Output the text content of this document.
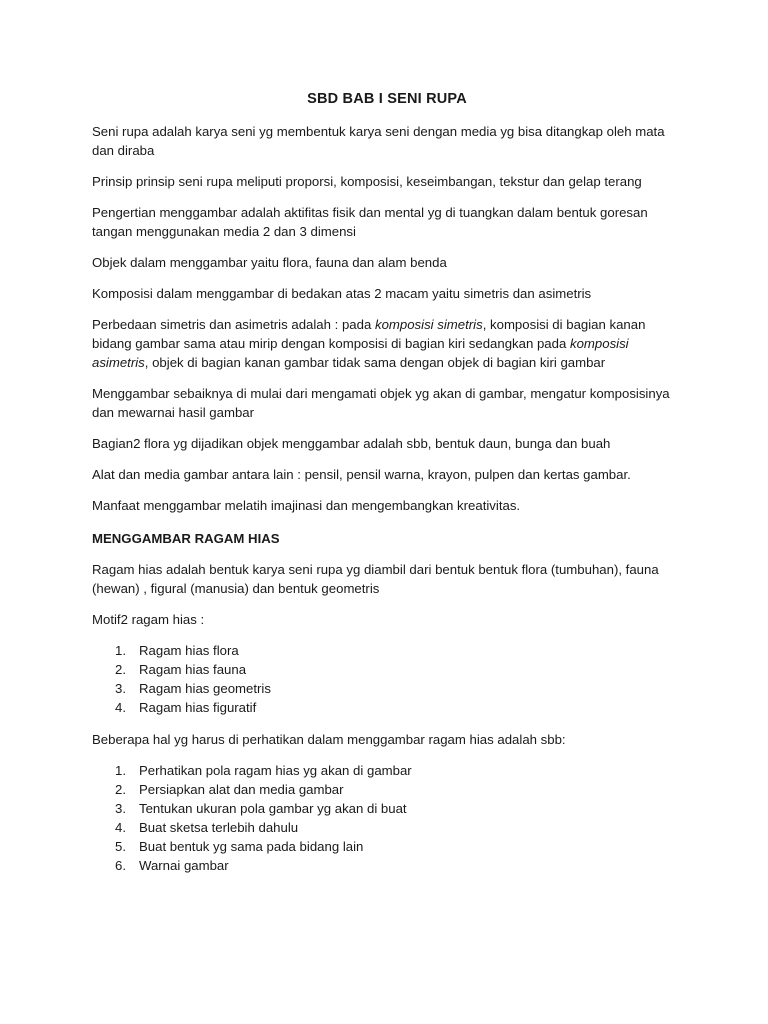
SBD BAB I SENI RUPA

Seni rupa adalah karya seni yg membentuk karya seni dengan media yg bisa ditangkap oleh mata dan diraba

Prinsip prinsip seni rupa meliputi proporsi, komposisi, keseimbangan, tekstur dan gelap terang

Pengertian menggambar adalah aktifitas fisik dan mental yg di tuangkan dalam bentuk goresan tangan menggunakan media 2 dan 3 dimensi

Objek dalam menggambar yaitu flora, fauna dan alam benda

Komposisi dalam menggambar di bedakan atas 2 macam yaitu simetris dan asimetris

Perbedaan simetris dan asimetris adalah : pada komposisi simetris, komposisi di bagian kanan bidang gambar sama atau mirip dengan komposisi di bagian kiri sedangkan pada komposisi asimetris, objek di bagian kanan gambar tidak sama dengan objek di bagian kiri gambar

Menggambar sebaiknya di mulai dari mengamati objek yg akan di gambar, mengatur komposisinya dan mewarnai hasil gambar

Bagian2 flora yg dijadikan objek menggambar adalah sbb, bentuk daun, bunga dan buah

Alat dan media gambar antara lain : pensil, pensil warna, krayon, pulpen dan kertas gambar.

Manfaat menggambar melatih imajinasi dan mengembangkan kreativitas.

MENGGAMBAR RAGAM HIAS

Ragam hias adalah bentuk karya seni rupa yg diambil dari bentuk bentuk flora (tumbuhan), fauna (hewan) , figural (manusia) dan bentuk geometris

Motif2 ragam hias :

1. Ragam hias flora
2. Ragam hias fauna
3. Ragam hias geometris
4. Ragam hias figuratif

Beberapa hal yg harus di perhatikan dalam menggambar ragam hias adalah sbb:

1. Perhatikan pola ragam hias yg akan di gambar
2. Persiapkan alat dan media gambar
3. Tentukan ukuran pola gambar yg akan di buat
4. Buat sketsa terlebih dahulu
5. Buat bentuk yg sama pada bidang lain
6. Warnai gambar
